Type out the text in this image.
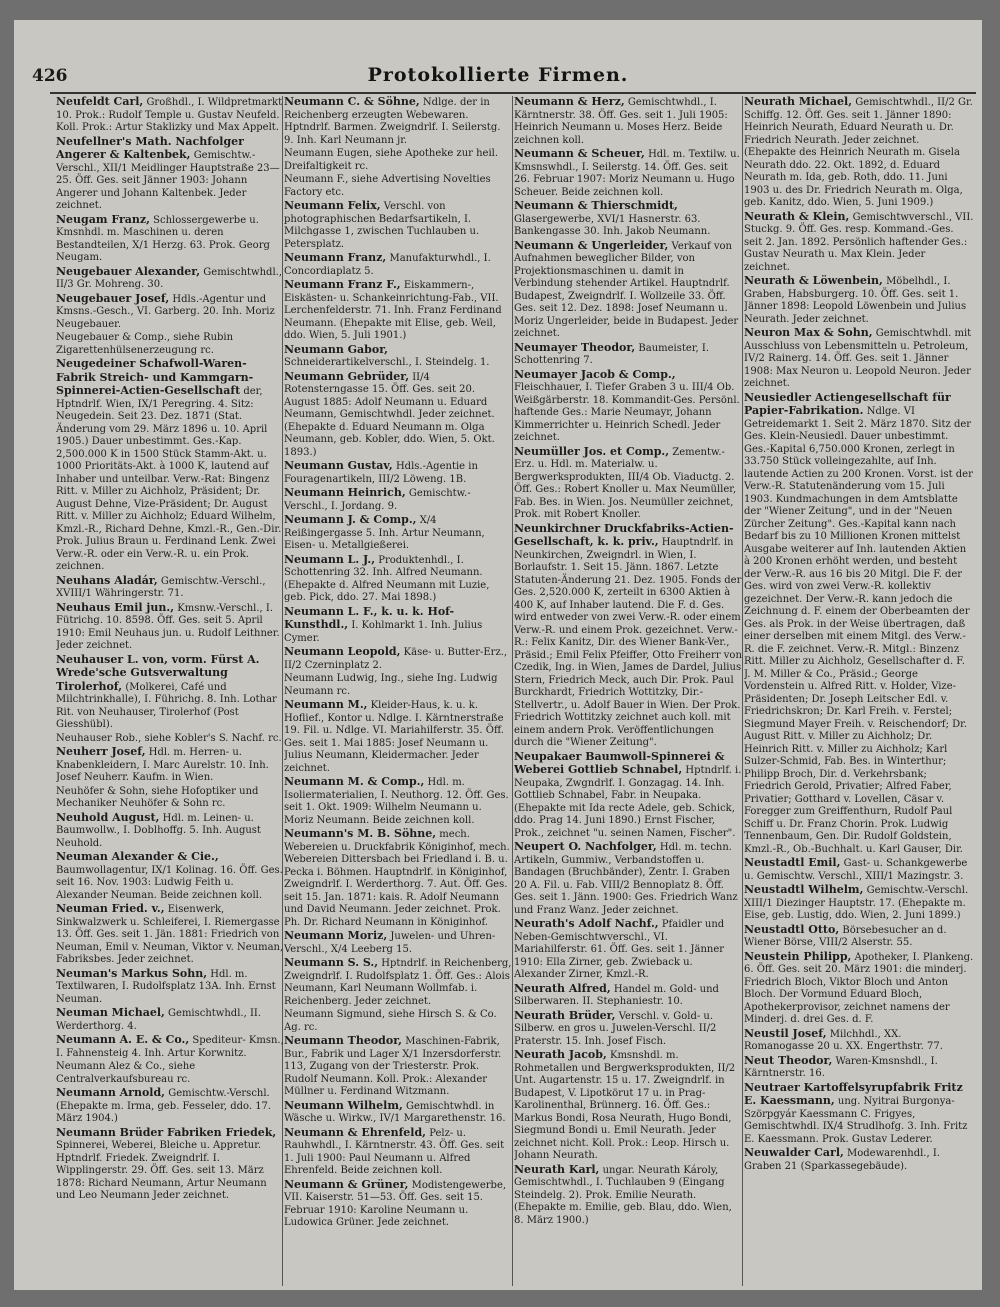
426	Protokollierte Firmen.
Neufeldt Carl, Großhdl., I. Wildpretmarkt 10. Prok.: Rudolf Temple u. Gustav Neufeld. Koll. Prok.: Artur Staklizky und Max Appelt.
Neufellner's Math. Nachfolger Angerer & Kaltenbek, Gemischtw.-Verschl., XII/1 Meidlinger Hauptstraße 23—25. Öff. Ges. seit Jänner 1903: Johann Angerer und Johann Kaltenbek. Jeder zeichnet.
Neugam Franz, Schlossergewerbe u. Kmsnhdl. m. Maschinen u. deren Bestandteilen, X/1 Herzg. 63. Prok. Georg Neugam.
Neugebauer Alexander, Gemischtwhdl., II/3 Gr. Mohreng. 30.
Neugebauer Josef, Hdls.-Agentur und Kmsns.-Gesch., VI. Garberg. 20. Inh. Moriz Neugebauer.
Neugebauer & Comp., siehe Rubin Zigarettenhülsenerzeugung rc.
Neugedeiner Schafwoll-Waren-Fabrik Streich- und Kammgarn-Spinnerei-Actien-Gesellschaft der, Hptndrlf. Wien, IX/1 Peregring. 4. Sitz: Neugedein. Seit 23. Dez. 1871 (Stat. Änderung vom 29. März 1896 u. 10. April 1905.) Dauer unbestimmt. Ges.-Kap. 2,500.000 K in 1500 Stück Stamm-Akt. u. 1000 Prioritäts-Akt. à 1000 K, lautend auf Inhaber und unteilbar. Verw.-Rat: Bingenz Ritt. v. Miller zu Aichholz, Präsident; Dr. August Dehne, Vize-Präsident; Dr. August Ritt. v. Miller zu Aichholz; Eduard Wilhelm, Kmzl.-R., Richard Dehne, Kmzl.-R., Gen.-Dir. Prok. Julius Braun u. Ferdinand Lenk. Zwei Verw.-R. oder ein Verw.-R. u. ein Prok. zeichnen.
Neuhans Aladár, Gemischtw.-Verschl., XVIII/1 Währingerstr. 71.
Neuhaus Emil jun., Kmsnw.-Verschl., I. Fütrichg. 10. 8598. Öff. Ges. seit 5. April 1910: Emil Neuhaus jun. u. Rudolf Leithner. Jeder zeichnet.
Neuhauser L. von, vorm. Fürst A. Wrede'sche Gutsverwaltung Tirolerhof, (Molkerei, Café und Milchtrinkhalle), I. Führichg. 8. Inh. Lothar Rit. von Neuhauser, Tirolerhof (Post Giesshübl).
Neuhauser Rob., siehe Kobler's S. Nachf. rc.
Neuherr Josef, Hdl. m. Herren- u. Knabenkleidern, I. Marc Aurelstr. 10. Inh. Josef Neuherr. Kaufm. in Wien.
Neuhöfer & Sohn, siehe Hofoptiker und Mechaniker Neuhöfer & Sohn rc.
Neuhold August, Hdl. m. Leinen- u. Baumwollw., I. Doblhoffg. 5. Inh. August Neuhold.
Neuman Alexander & Cie., Baumwollagentur, IX/1 Kolinag. 16. Öff. Ges. seit 16. Nov. 1903: Ludwig Feith u. Alexander Neuman. Beide zeichnen koll.
Neuman Fried. v., Eisenwerk, Sinkwalzwerk u. Schleiferei, I. Riemergasse 13. Öff. Ges. seit 1. Jän. 1881: Friedrich von Neuman, Emil v. Neuman, Viktor v. Neuman, Fabriksbes. Jeder zeichnet.
Neuman's Markus Sohn, Hdl. m. Textilwaren, I. Rudolfsplatz 13A. Inh. Ernst Neuman.
Neuman Michael, Gemischtwhdl., II. Werderthorg. 4.
Neumann A. E. & Co., Spediteur- Kmsn., I. Fahnensteig 4. Inh. Artur Korwnitz.
Neumann Alez & Co., siehe Centralverkaufsbureau rc.
Neumann Arnold, Gemischtw.-Verschl. (Ehepakte m. Irma, geb. Fesseler, ddo. 17. März 1904.)
Neumann Brüder Fabriken Friedek, Spinnerei, Weberei, Bleiche u. Appretur. Hptndrlf. Friedek. Zweigndrlf. I. Wipplingerstr. 29. Öff. Ges. seit 13. März 1878: Richard Neumann, Artur Neumann und Leo Neumann Jeder zeichnet.
Neumann C. & Söhne, Ndlge. der in Reichenberg erzeugten Webewaren. Hptndrlf. Barmen. Zweigndrlf. I. Seilerstg. 9. Inh. Karl Neumann jr.
Neumann Eugen, siehe Apotheke zur heil. Dreifaltigkeit rc.
Neumann F., siehe Advertising Novelties Factory etc.
Neumann Felix, Verschl. von photographischen Bedarfsartikeln, I. Milchgasse 1, zwischen Tuchlauben u. Petersplatz.
Neumann Franz, Manufakturwhdl., I. Concordiaplatz 5.
Neumann Franz F., Eiskammern-, Eiskästen- u. Schankeinrichtung-Fab., VII. Lerchenfelderstr. 71. Inh. Franz Ferdinand Neumann. (Ehepakte mit Elise, geb. Weil, ddo. Wien, 5. Juli 1901.)
Neumann Gabor, Schneiderartikelverschl., I. Steindelg. 1.
Neumann Gebrüder, II/4 Rotensterngasse 15. Öff. Ges. seit 20. August 1885: Adolf Neumann u. Eduard Neumann, Gemischtwhdl. Jeder zeichnet. (Ehepakte d. Eduard Neumann m. Olga Neumann, geb. Kobler, ddo. Wien, 5. Okt. 1893.)
Neumann Gustav, Hdls.-Agentie in Fouragenartikeln, III/2 Löweng. 1B.
Neumann Heinrich, Gemischtw.-Verschl., I. Jordang. 9.
Neumann J. & Comp., X/4 Reißingergasse 5. Inh. Artur Neumann, Eisen- u. Metallgießerei.
Neumann L. J., Produktenhdl., I. Schottenring 32. Inh. Alfred Neumann. (Ehepakte d. Alfred Neumann mit Luzie, geb. Pick, ddo. 27. Mai 1898.)
Neumann L. F., k. u. k. Hof-Kunsthdl., I. Kohlmarkt 1. Inh. Julius Cymer.
Neumann Leopold, Käse- u. Butter-Erz., II/2 Czerninplatz 2.
Neumann Ludwig, Ing., siehe Ing. Ludwig Neumann rc.
Neumann M., Kleider-Haus, k. u. k. Hoflief., Kontor u. Ndlge. I. Kärntnerstraße 19. Fil. u. Ndlge. VI. Mariahilferstr. 35. Öff. Ges. seit 1. Mai 1885: Josef Neumann u. Julius Neumann, Kleidermacher. Jeder zeichnet.
Neumann M. & Comp., Hdl. m. Isoliermaterialien, I. Neuthorg. 12. Öff. Ges. seit 1. Okt. 1909: Wilhelm Neumann u. Moriz Neumann. Beide zeichnen koll.
Neumann's M. B. Söhne, mech. Webereien u. Druckfabrik Königinhof, mech. Webereien Dittersbach bei Friedland i. B. u. Pecka i. Böhmen. Hauptndrlf. in Königinhof, Zweigndrlf. I. Werderthorg. 7. Aut. Öff. Ges. seit 15. Jan. 1871: kais. R. Adolf Neumann und David Neumann. Jeder zeichnet. Prok. Ph. Dr. Richard Neumann in Königinhof.
Neumann Moriz, Juwelen- und Uhren-Verschl., X/4 Leeberg 15.
Neumann S. S., Hptndrlf. in Reichenberg, Zweigndrlf. I. Rudolfsplatz 1. Öff. Ges.: Alois Neumann, Karl Neumann Wollmfab. i. Reichenberg. Jeder zeichnet.
Neumann Sigmund, siehe Hirsch S. & Co. Ag. rc.
Neumann Theodor, Maschinen-Fabrik, Bur., Fabrik und Lager X/1 Inzersdorferstr. 113, Zugang von der Triesterstr. Prok. Rudolf Neumann. Koll. Prok.: Alexander Müllner u. Ferdinand Witzmann.
Neumann Wilhelm, Gemischtwhdl. in Wäsche u. Wirkw., IV/1 Margarethenstr. 16.
Neumann & Ehrenfeld, Pelz- u. Rauhwhdl., I. Kärntnerstr. 43. Öff. Ges. seit 1. Juli 1900: Paul Neumann u. Alfred Ehrenfeld. Beide zeichnen koll.
Neumann & Grüner, Modistengewerbe, VII. Kaiserstr. 51—53. Öff. Ges. seit 15. Februar 1910: Karoline Neumann u. Ludowica Grüner. Jede zeichnet.
Neumann & Herz, Gemischtwhdl., I. Kärntnerstr. 38. Öff. Ges. seit 1. Juli 1905: Heinrich Neumann u. Moses Herz. Beide zeichnen koll.
Neumann & Scheuer, Hdl. m. Textilw. u. Kmsnswhdl., I. Seilerstg. 14. Öff. Ges. seit 26. Februar 1907: Moriz Neumann u. Hugo Scheuer. Beide zeichnen koll.
Neumann & Thierschmidt, Glasergewerbe, XVI/1 Hasnerstr. 63. Bankengasse 30. Inh. Jakob Neumann.
Neumann & Ungerleider, Verkauf von Aufnahmen beweglicher Bilder, von Projektionsmaschinen u. damit in Verbindung stehender Artikel. Hauptndrlf. Budapest, Zweigndrlf. I. Wollzeile 33. Öff. Ges. seit 12. Dez. 1898: Josef Neumann u. Moriz Ungerleider, beide in Budapest. Jeder zeichnet.
Neumayer Theodor, Baumeister, I. Schottenring 7.
Neumayer Jacob & Comp., Fleischhauer, I. Tiefer Graben 3 u. III/4 Ob. Weißgärberstr. 18. Kommandit-Ges. Persönl. haftende Ges.: Marie Neumayr, Johann Kimmerrichter u. Heinrich Schedl. Jeder zeichnet.
Neumüller Jos. et Comp., Zementw.-Erz. u. Hdl. m. Materialw. u. Bergwerksprodukten, III/4 Ob. Viaductg. 2. Öff. Ges.: Robert Knoller u. Max Neumüller, Fab. Bes. in Wien. Jos. Neumüller zeichnet, Prok. mit Robert Knoller.
Neunkirchner Druckfabriks-Actien-Gesellschaft, k. k. priv., Hauptndrlf. in Neunkirchen, Zweigndrl. in Wien, I. Borlaufstr. 1. Seit 15. Jänn. 1867. Letzte Statuten-Änderung 21. Dez. 1905. Fonds der Ges. 2,520.000 K, zerteilt in 6300 Aktien à 400 K, auf Inhaber lautend. Die F. d. Ges. wird entweder von zwei Verw.-R. oder einem Verw.-R. und einem Prok. gezeichnet. Verw.-R.: Felix Kanitz, Dir. des Wiener Bank-Ver., Präsid.; Emil Felix Pfeiffer, Otto Freiherr von Czedik, Ing. in Wien, James de Dardel, Julius Stern, Friedrich Meck, auch Dir. Prok. Paul Burckhardt, Friedrich Wottitzky, Dir.-Stellvertr., u. Adolf Bauer in Wien. Der Prok. Friedrich Wottitzky zeichnet auch koll. mit einem andern Prok. Veröffentlichungen durch die "Wiener Zeitung".
Neupakaer Baumwoll-Spinnerei & Weberei Gottlieb Schnabel, Hptndrlf. i. Neupaka, Zwgndrlf. I. Gonzagag. 14. Inh. Gottlieb Schnabel, Fabr. in Neupaka. (Ehepakte mit Ida recte Adele, geb. Schick, ddo. Prag 14. Juni 1890.) Ernst Fischer, Prok., zeichnet "u. seinen Namen, Fischer".
Neupert O. Nachfolger, Hdl. m. techn. Artikeln, Gummiw., Verbandstoffen u. Bandagen (Bruchbänder), Zentr. I. Graben 20 A. Fil. u. Fab. VIII/2 Bennoplatz 8. Öff. Ges. seit 1. Jänn. 1900: Ges. Friedrich Wanz und Franz Wanz. Jeder zeichnet.
Neurath's Adolf Nachf., Pfaidler und Neben-Gemischtwverschl., VI. Mariahilferstr. 61. Öff. Ges. seit 1. Jänner 1910: Ella Zirner, geb. Zwieback u. Alexander Zirner, Kmzl.-R.
Neurath Alfred, Handel m. Gold- und Silberwaren. II. Stephaniestr. 10.
Neurath Brüder, Verschl. v. Gold- u. Silberw. en gros u. Juwelen-Verschl. II/2 Praterstr. 15. Inh. Josef Fisch.
Neurath Jacob, Kmsnshdl. m. Rohmetallen und Bergwerksprodukten, II/2 Unt. Augartenstr. 15 u. 17. Zweigndrlf. in Budapest, V. Lipotkörut 17 u. in Prag-Karolinenthal, Brünnerg. 16. Öff. Ges.: Markus Bondi, Rosa Neurath, Hugo Bondi, Siegmund Bondi u. Emil Neurath. Jeder zeichnet nicht. Koll. Prok.: Leop. Hirsch u. Johann Neurath.
Neurath Karl, ungar. Neurath Károly, Gemischtwhdl., I. Tuchlauben 9 (Eingang Steindelg. 2). Prok. Emilie Neurath. (Ehepakte m. Emilie, geb. Blau, ddo. Wien, 8. März 1900.)
Neurath Michael, Gemischtwhdl., II/2 Gr. Schiffg. 12. Öff. Ges. seit 1. Jänner 1890: Heinrich Neurath, Eduard Neurath u. Dr. Friedrich Neurath. Jeder zeichnet. (Ehepakte des Heinrich Neurath m. Gisela Neurath ddo. 22. Okt. 1892, d. Eduard Neurath m. Ida, geb. Roth, ddo. 11. Juni 1903 u. des Dr. Friedrich Neurath m. Olga, geb. Kanitz, ddo. Wien, 5. Juni 1909.)
Neurath & Klein, Gemischtwverschl., VII. Stuckg. 9. Öff. Ges. resp. Kommand.-Ges. seit 2. Jan. 1892. Persönlich haftender Ges.: Gustav Neurath u. Max Klein. Jeder zeichnet.
Neurath & Löwenbein, Möbelhdl., I. Graben, Habsburgerg. 10. Öff. Ges. seit 1. Jänner 1898: Leopold Löwenbein und Julius Neurath. Jeder zeichnet.
Neuron Max & Sohn, Gemischtwhdl. mit Ausschluss von Lebensmitteln u. Petroleum, IV/2 Rainerg. 14. Öff. Ges. seit 1. Jänner 1908: Max Neuron u. Leopold Neuron. Jeder zeichnet.
Neusiedler Actiengesellschaft für Papier-Fabrikation. Ndlge. VI Getreidemarkt 1. Seit 2. März 1870. Sitz der Ges. Klein-Neusiedl. Dauer unbestimmt. Ges.-Kapital 6,750.000 Kronen, zerlegt in 33.750 Stück volleingezahlte, auf Inh. lautende Actien zu 200 Kronen. Vorst. ist der Verw.-R. Statutenänderung vom 15. Juli 1903. Kundmachungen in dem Amtsblatte der "Wiener Zeitung", und in der "Neuen Zürcher Zeitung". Ges.-Kapital kann nach Bedarf bis zu 10 Millionen Kronen mittelst Ausgabe weiterer auf Inh. lautenden Aktien à 200 Kronen erhöht werden, und besteht der Verw.-R. aus 16 bis 20 Mitgl. Die F. der Ges. wird von zwei Verw.-R. kollektiv gezeichnet. Der Verw.-R. kann jedoch die Zeichnung d. F. einem der Oberbeamten der Ges. als Prok. in der Weise übertragen, daß einer derselben mit einem Mitgl. des Verw.-R. die F. zeichnet. Verw.-R. Mitgl.: Binzenz Ritt. Miller zu Aichholz, Gesellschafter d. F. J. M. Miller & Co., Präsid.; George Vordenstein u. Alfred Ritt. v. Holder, Vize-Präsidenten; Dr. Joseph Leitscher Edl. v. Friedrichskron; Dr. Karl Freih. v. Ferstel; Siegmund Mayer Freih. v. Reischendorf; Dr. August Ritt. v. Miller zu Aichholz; Dr. Heinrich Ritt. v. Miller zu Aichholz; Karl Sulzer-Schmid, Fab. Bes. in Winterthur; Philipp Broch, Dir. d. Verkehrsbank; Friedrich Gerold, Privatier; Alfred Faber, Privatier; Gotthard v. Lovellen, Cäsar v. Foregger zum Greiffenthurn, Rudolf Paul Schiff u. Dr. Franz Chorin. Prok. Ludwig Tennenbaum, Gen. Dir. Rudolf Goldstein, Kmzl.-R., Ob.-Buchhalt. u. Karl Gauser, Dir.
Neustadtl Emil, Gast- u. Schankgewerbe u. Gemischtw. Verschl., XIII/1 Mazingstr. 3.
Neustadtl Wilhelm, Gemischtw.-Verschl. XIII/1 Diezinger Hauptstr. 17. (Ehepakte m. Eise, geb. Lustig, ddo. Wien, 2. Juni 1899.)
Neustadtl Otto, Börsebesucher an d. Wiener Börse, VIII/2 Alserstr. 55.
Neustein Philipp, Apotheker, I. Plankeng. 6. Öff. Ges. seit 20. März 1901: die minderj. Friedrich Bloch, Viktor Bloch und Anton Bloch. Der Vormund Eduard Bloch, Apothekerprovisor, zeichnet namens der Minderj. d. drei Ges. d. F.
Neustil Josef, Milchhdl., XX. Romanogasse 20 u. XX. Engerthstr. 77.
Neut Theodor, Waren-Kmsnshdl., I. Kärntnerstr. 16.
Neutraer Kartoffelsyrupfabrik Fritz E. Kaessmann, ung. Nyitrai Burgonya-Szörpgyár Kaessmann C. Frigyes, Gemischtwhdl. IX/4 Strudlhofg. 3. Inh. Fritz E. Kaessmann. Prok. Gustav Lederer.
Neuwalder Carl, Modewarenhdl., I. Graben 21 (Sparkassegebäude).
